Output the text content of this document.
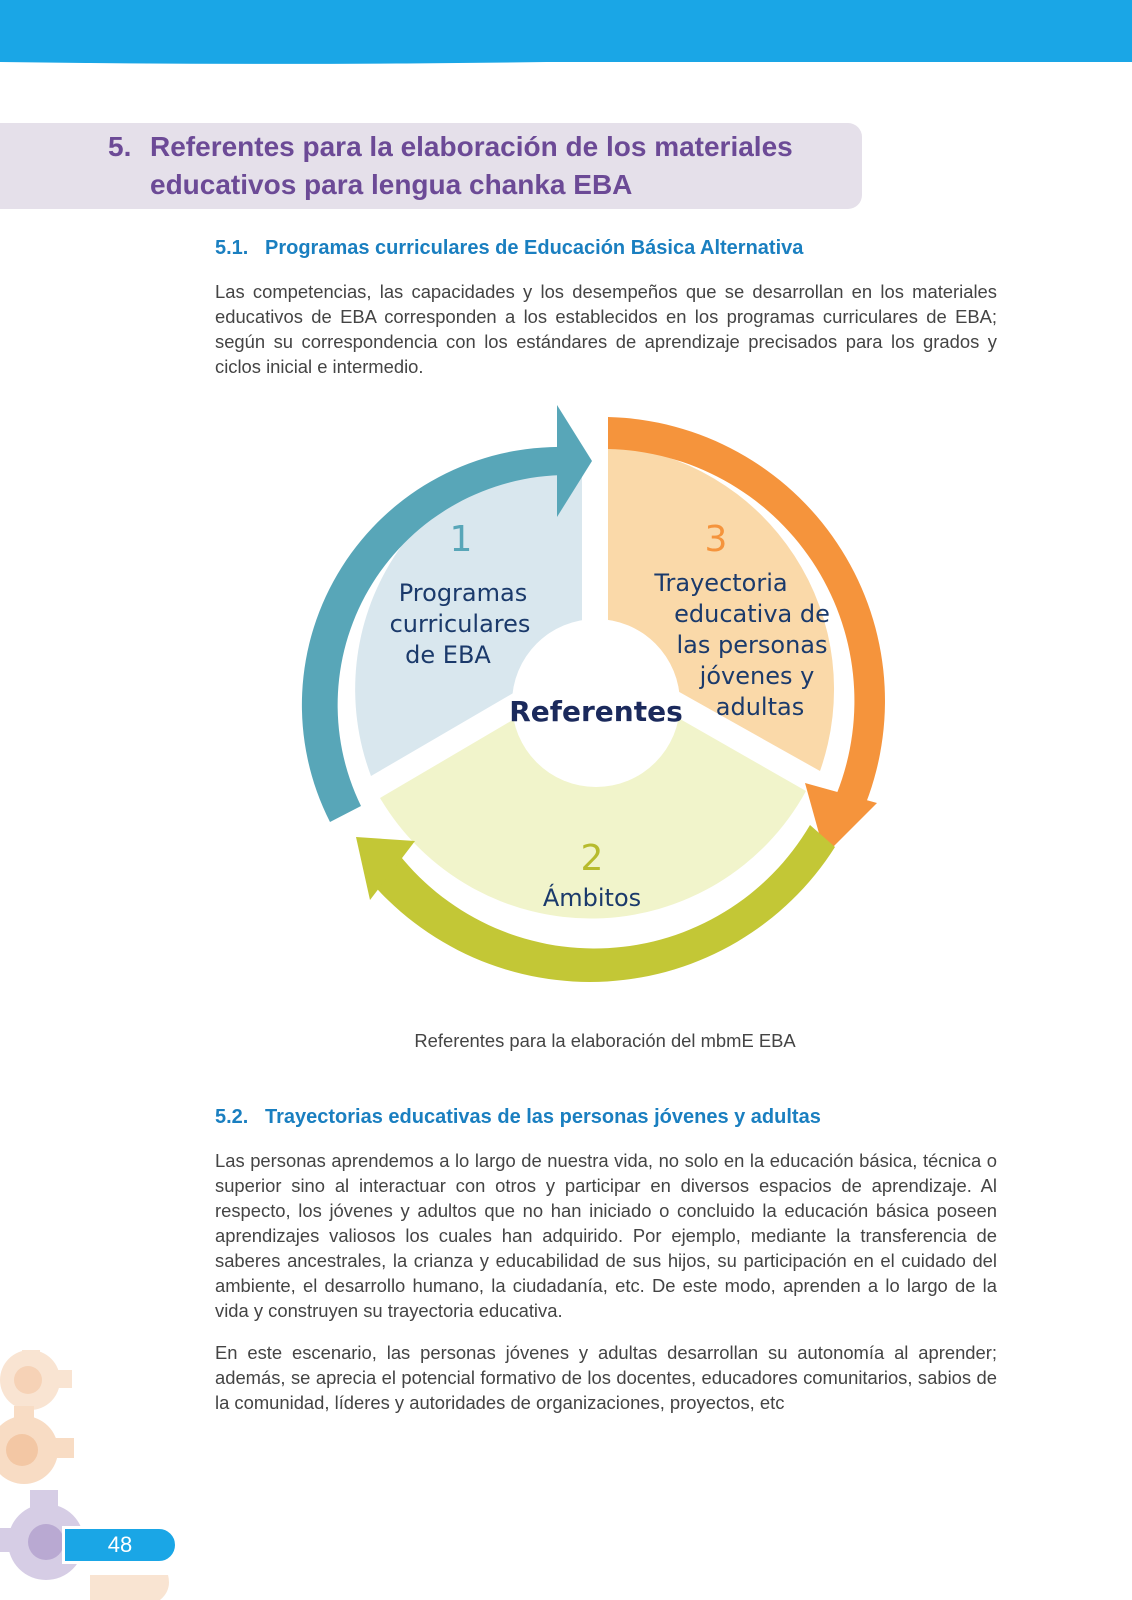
5. Referentes para la elaboración de los materiales
educativos para lengua chanka EBA
5.1. Programas curriculares de Educación Básica Alternativa

Las competencias, las capacidades y los desempeños que se desarrollan en los materiales educativos de EBA corresponden a los establecidos en los programas curriculares de EBA; según su correspondencia con los estándares de aprendizaje precisados para los grados y ciclos inicial e intermedio.

1
Programas
curriculares
de EBA
3
Trayectoria
educativa de
las personas
jóvenes y
adultas
2
Ámbitos
Referentes
Referentes para la elaboración del mbmE EBA
5.2. Trayectorias educativas de las personas jóvenes y adultas

Las personas aprendemos a lo largo de nuestra vida, no solo en la educación básica, técnica o superior sino al interactuar con otros y participar en diversos espacios de aprendizaje. Al respecto, los jóvenes y adultos que no han iniciado o concluido la educación básica poseen aprendizajes valiosos los cuales han adquirido. Por ejemplo, mediante la transferencia de saberes ancestrales, la crianza y educabilidad de sus hijos, su participación en el cuidado del ambiente, el desarrollo humano, la ciudadanía, etc. De este modo, aprenden a lo largo de la vida y construyen su trayectoria educativa.

En este escenario, las personas jóvenes y adultas desarrollan su autonomía al aprender; además, se aprecia el potencial formativo de los docentes, educadores comunitarios, sabios de la comunidad, líderes y autoridades de organizaciones, proyectos, etc

48
